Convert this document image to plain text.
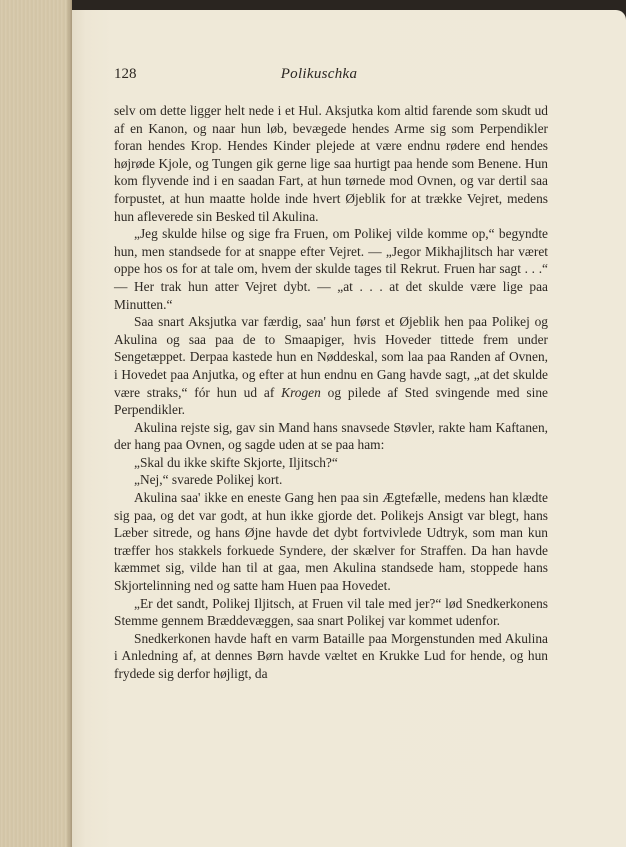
128	Polikuschka

selv om dette ligger helt nede i et Hul. Aksjutka kom altid farende som skudt ud af en Kanon, og naar hun løb, bevægede hendes Arme sig som Perpendikler foran hendes Krop. Hendes Kinder plejede at være endnu rødere end hendes højrøde Kjole, og Tungen gik gerne lige saa hurtigt paa hende som Benene. Hun kom flyvende ind i en saadan Fart, at hun tørnede mod Ovnen, og var dertil saa forpustet, at hun maatte holde inde hvert Øjeblik for at trække Vejret, medens hun afleverede sin Besked til Akulina.

„Jeg skulde hilse og sige fra Fruen, om Polikej vilde komme op,“ begyndte hun, men standsede for at snappe efter Vejret. — „Jegor Mikhajlitsch har været oppe hos os for at tale om, hvem der skulde tages til Rekrut. Fruen har sagt . . .“ — Her trak hun atter Vejret dybt. — „at . . . at det skulde være lige paa Minutten.“

Saa snart Aksjutka var færdig, saa' hun først et Øjeblik hen paa Polikej og Akulina og saa paa de to Smaapiger, hvis Hoveder tittede frem under Sengetæppet. Derpaa kastede hun en Nøddeskal, som laa paa Randen af Ovnen, i Hovedet paa Anjutka, og efter at hun endnu en Gang havde sagt, „at det skulde være straks,“ fór hun ud af Krogen og pilede af Sted svingende med sine Perpendikler.

Akulina rejste sig, gav sin Mand hans snavsede Støvler, rakte ham Kaftanen, der hang paa Ovnen, og sagde uden at se paa ham:

„Skal du ikke skifte Skjorte, Iljitsch?“

„Nej,“ svarede Polikej kort.

Akulina saa' ikke en eneste Gang hen paa sin Ægtefælle, medens han klædte sig paa, og det var godt, at hun ikke gjorde det. Polikejs Ansigt var blegt, hans Læber sitrede, og hans Øjne havde det dybt fortvivlede Udtryk, som man kun træffer hos stakkels forkuede Syndere, der skælver for Straffen. Da han havde kæmmet sig, vilde han til at gaa, men Akulina standsede ham, stoppede hans Skjortelinning ned og satte ham Huen paa Hovedet.

„Er det sandt, Polikej Iljitsch, at Fruen vil tale med jer?“ lød Snedkerkonens Stemme gennem Bræddevæggen, saa snart Polikej var kommet udenfor.

Snedkerkonen havde haft en varm Bataille paa Morgenstunden med Akulina i Anledning af, at dennes Børn havde væltet en Krukke Lud for hende, og hun frydede sig derfor højligt, da
